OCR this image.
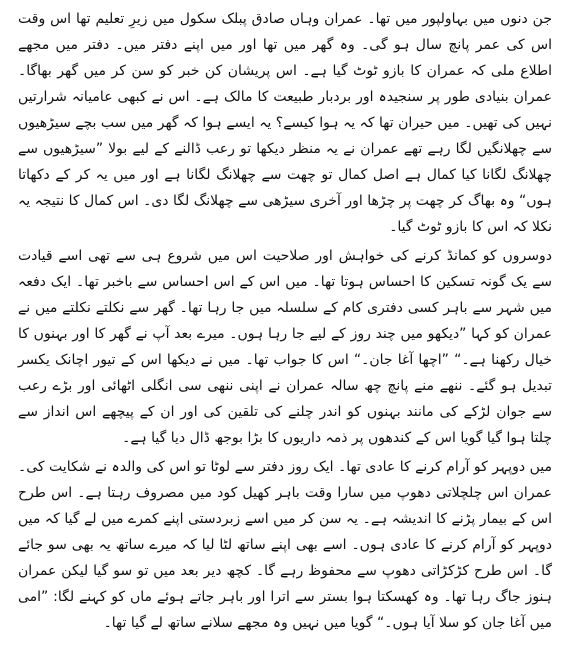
جن دنوں میں بہاولپور میں تھا۔ عمران وہاں صادق پبلک سکول میں زیرِ تعلیم تھا اس وقت اس کی عمر پانچ سال ہو گی۔ وہ گھر میں تھا اور میں اپنے دفتر میں۔ دفتر میں مجھے اطلاع ملی کہ عمران کا بازو ٹوٹ گیا ہے۔ اس پریشان کن خبر کو سن کر میں گھر بھاگا۔ عمران بنیادی طور پر سنجیدہ اور بردبار طبیعت کا مالک ہے۔ اس نے کبھی عامیانہ شرارتیں نہیں کی تھیں۔ میں حیران تھا کہ یہ ہوا کیسے؟ یہ ایسے ہوا کہ گھر میں سب بچے سیڑھیوں سے چھلانگیں لگا رہے تھے عمران نے یہ منظر دیکھا تو رعب ڈالنے کے لیے بولا ”سیڑھیوں سے چھلانگ لگانا کیا کمال ہے اصل کمال تو چھت سے چھلانگ لگانا ہے اور میں یہ کر کے دکھاتا ہوں“ وہ بھاگ کر چھت پر چڑھا اور آخری سیڑھی سے چھلانگ لگا دی۔ اس کمال کا نتیجہ یہ نکلا کہ اس کا بازو ٹوٹ گیا۔

دوسروں کو کمانڈ کرنے کی خواہش اور صلاحیت اس میں شروع ہی سے تھی اسے قیادت سے یک گونہ تسکین کا احساس ہوتا تھا۔ میں اس کے اس احساس سے باخبر تھا۔ ایک دفعہ میں شہر سے باہر کسی دفتری کام کے سلسلہ میں جا رہا تھا۔ گھر سے نکلتے نکلتے میں نے عمران کو کہا ”دیکھو میں چند روز کے لیے جا رہا ہوں۔ میرے بعد آپ نے گھر کا اور بہنوں کا خیال رکھنا ہے۔“ ”اچھا آغا جان۔“ اس کا جواب تھا۔ میں نے دیکھا اس کے تیور اچانک یکسر تبدیل ہو گئے۔ ننھے منے پانچ چھ سالہ عمران نے اپنی ننھی سی انگلی اٹھائی اور بڑے رعب سے جوان لڑکے کی مانند بہنوں کو اندر چلنے کی تلقین کی اور ان کے پیچھے اس انداز سے چلتا ہوا گیا گویا اس کے کندھوں پر ذمہ داریوں کا بڑا بوجھ ڈال دیا گیا ہے۔

میں دوپہر کو آرام کرنے کا عادی تھا۔ ایک روز دفتر سے لوٹا تو اس کی والدہ نے شکایت کی۔ عمران اس چلچلاتی دھوپ میں سارا وقت باہر کھیل کود میں مصروف رہتا ہے۔ اس طرح اس کے بیمار پڑنے کا اندیشہ ہے۔ یہ سن کر میں اسے زبردستی اپنے کمرے میں لے گیا کہ میں دوپہر کو آرام کرنے کا عادی ہوں۔ اسے بھی اپنے ساتھ لٹا لیا کہ میرے ساتھ یہ بھی سو جائے گا۔ اس طرح کڑکڑاتی دھوپ سے محفوظ رہے گا۔ کچھ دیر بعد میں تو سو گیا لیکن عمران ہنوز جاگ رہا تھا۔ وہ کھسکتا ہوا بستر سے اترا اور باہر جاتے ہوئے ماں کو کہنے لگا: ”امی میں آغا جان کو سلا آیا ہوں۔“ گویا میں نہیں وہ مجھے سلانے ساتھ لے گیا تھا۔
